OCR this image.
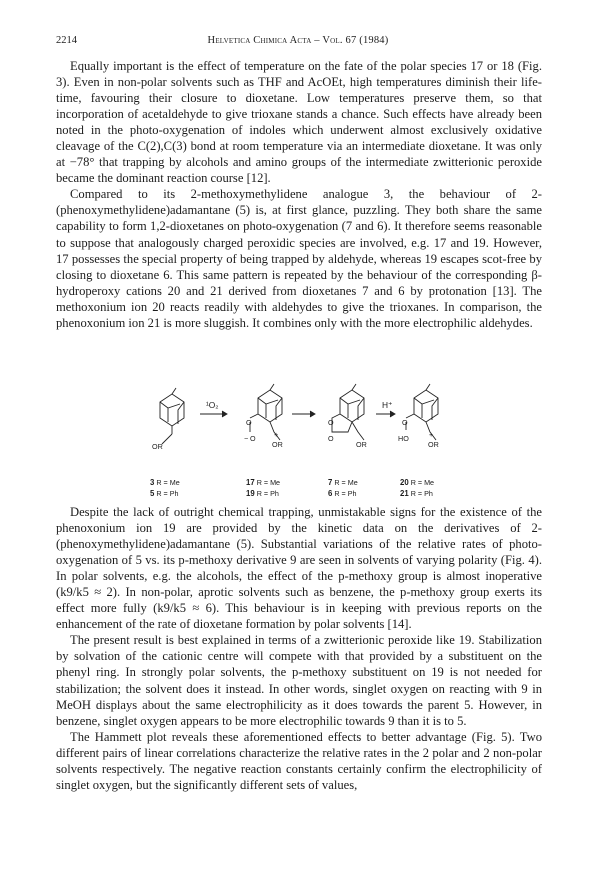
2214	Helvetica Chimica Acta – Vol. 67 (1984)

Equally important is the effect of temperature on the fate of the polar species 17 or 18 (Fig. 3). Even in non-polar solvents such as THF and AcOEt, high temperatures diminish their life-time, favouring their closure to dioxetane. Low temperatures preserve them, so that incorporation of acetaldehyde to give trioxane stands a chance. Such effects have already been noted in the photo-oxygenation of indoles which underwent almost exclusively oxidative cleavage of the C(2),C(3) bond at room temperature via an intermediate dioxetane. It was only at −78° that trapping by alcohols and amino groups of the intermediate zwitterionic peroxide became the dominant reaction course [12].

Compared to its 2-methoxymethylidene analogue 3, the behaviour of 2-(phenoxymethylidene)adamantane (5) is, at first glance, puzzling. They both share the same capability to form 1,2-dioxetanes on photo-oxygenation (7 and 6). It therefore seems reasonable to suppose that analogously charged peroxidic species are involved, e.g. 17 and 19. However, 17 possesses the special property of being trapped by aldehyde, whereas 19 escapes scot-free by closing to dioxetane 6. This same pattern is repeated by the behaviour of the corresponding β-hydroperoxy cations 20 and 21 derived from dioxetanes 7 and 6 by protonation [13]. The methoxonium ion 20 reacts readily with aldehydes to give the trioxanes. In comparison, the phenoxonium ion 21 is more sluggish. It combines only with the more electrophilic aldehydes.

¹O₂	H⁺
OR
O
− O	+
OR
O
O
OR
O
HO	+
OR
3 R = Me
5 R = Ph
17 R = Me
19 R = Ph
7 R = Me
6 R = Ph
20 R = Me
21 R = Ph

Despite the lack of outright chemical trapping, unmistakable signs for the existence of the phenoxonium ion 19 are provided by the kinetic data on the derivatives of 2-(phenoxymethylidene)adamantane (5). Substantial variations of the relative rates of photo-oxygenation of 5 vs. its p-methoxy derivative 9 are seen in solvents of varying polarity (Fig. 4). In polar solvents, e.g. the alcohols, the effect of the p-methoxy group is almost inoperative (k9/k5 ≈ 2). In non-polar, aprotic solvents such as benzene, the p-methoxy group exerts its effect more fully (k9/k5 ≈ 6). This behaviour is in keeping with previous reports on the enhancement of the rate of dioxetane formation by polar solvents [14].

The present result is best explained in terms of a zwitterionic peroxide like 19. Stabilization by solvation of the cationic centre will compete with that provided by a substituent on the phenyl ring. In strongly polar solvents, the p-methoxy substituent on 19 is not needed for stabilization; the solvent does it instead. In other words, singlet oxygen on reacting with 9 in MeOH displays about the same electrophilicity as it does towards the parent 5. However, in benzene, singlet oxygen appears to be more electrophilic towards 9 than it is to 5.

The Hammett plot reveals these aforementioned effects to better advantage (Fig. 5). Two different pairs of linear correlations characterize the relative rates in the 2 polar and 2 non-polar solvents respectively. The negative reaction constants certainly confirm the electrophilicity of singlet oxygen, but the significantly different sets of values,
